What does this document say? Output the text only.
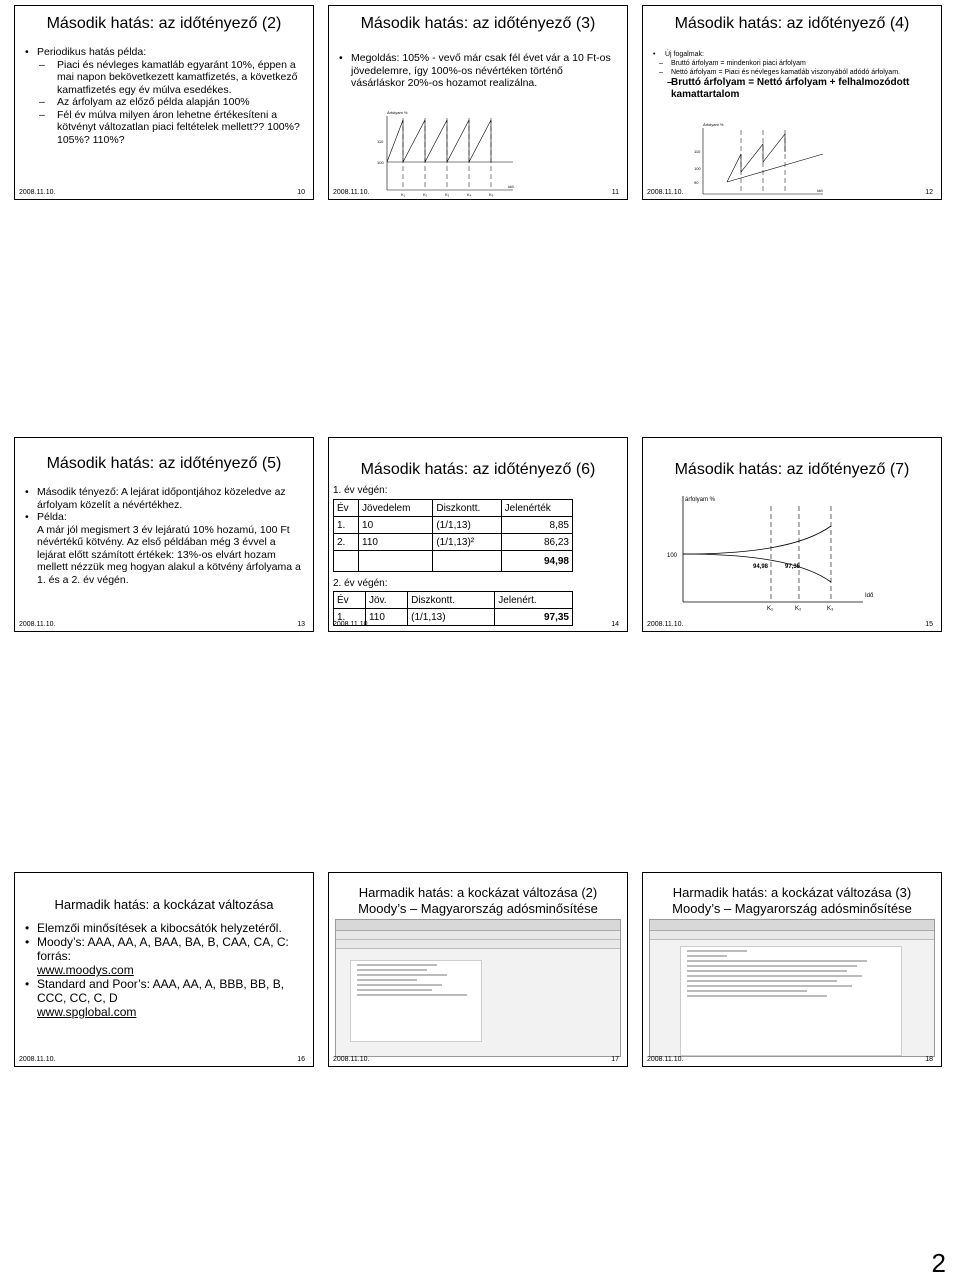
Második hatás: az időtényező (2)
• Periodikus hatás példa:
– Piaci és névleges kamatláb egyaránt 10%, éppen a mai napon bekövetkezett kamatfizetés, a következő kamatfizetés egy év múlva esedékes.
– Az árfolyam az előző példa alapján 100%
– Fél év múlva milyen áron lehetne értékesíteni a kötvényt változatlan piaci feltételek mellett?? 100%? 105%? 110%?
2008.11.10.	10
Második hatás: az időtényező (3)
• Megoldás: 105% - vevő már csak fél évet vár a 10 Ft-os jövedelemre, így 100%-os névértéken történő vásárláskor 20%-os hozamot realizálna.
Árfolyam %
110
100
Idő
K₁	K₂	K₃	K₄	K₅
2008.11.10.	11
Második hatás: az időtényező (4)
• Új fogalmak:
– Bruttó árfolyam = mindenkori piaci árfolyam
– Nettó árfolyam = Piaci és névleges kamatláb viszonyából adódó árfolyam.
– Bruttó árfolyam = Nettó árfolyam + felhalmozódott kamattartalom
Árfolyam %
110
100
90
Idő
2008.11.10.	12
Második hatás: az időtényező (5)
• Második tényező: A lejárat időpontjához közeledve az árfolyam közelít a névértékhez.
• Példa:
A már jól megismert 3 év lejáratú 10% hozamú, 100 Ft névértékű kötvény. Az első példában még 3 évvel a lejárat előtt számított értékek: 13%-os elvárt hozam mellett nézzük meg hogyan alakul a kötvény árfolyama a 1. és a 2. év végén.
2008.11.10.	13
Második hatás: az időtényező (6)
1. év végén:
Év	Jövedelem	Diszkontt.	Jelenérték
1.	10	(1/1,13)	8,85
2.	110	(1/1,13)²	86,23
			94,98
2. év végén:
Év	Jöv.	Diszkontt.	Jelenért.
1.	110	(1/1,13)	97,35
2008.11.10.	14
Második hatás: az időtényező (7)
árfolyam %
100
94,98	97,35
Idő
K₁	K₂	K₃
2008.11.10.	15
Harmadik hatás: a kockázat változása
• Elemzői minősítések a kibocsátók helyzetéről.
• Moody’s: AAA, AA, A, BAA, BA, B, CAA, CA, C: forrás:
www.moodys.com
• Standard and Poor’s: AAA, AA, A, BBB, BB, B, CCC, CC, C, D
www.spglobal.com
2008.11.10.	16
Harmadik hatás: a kockázat változása (2)
Moody’s – Magyarország adósminősítése
2008.11.10.	17
Harmadik hatás: a kockázat változása (3)
Moody’s – Magyarország adósminősítése
2008.11.10.	18
2
